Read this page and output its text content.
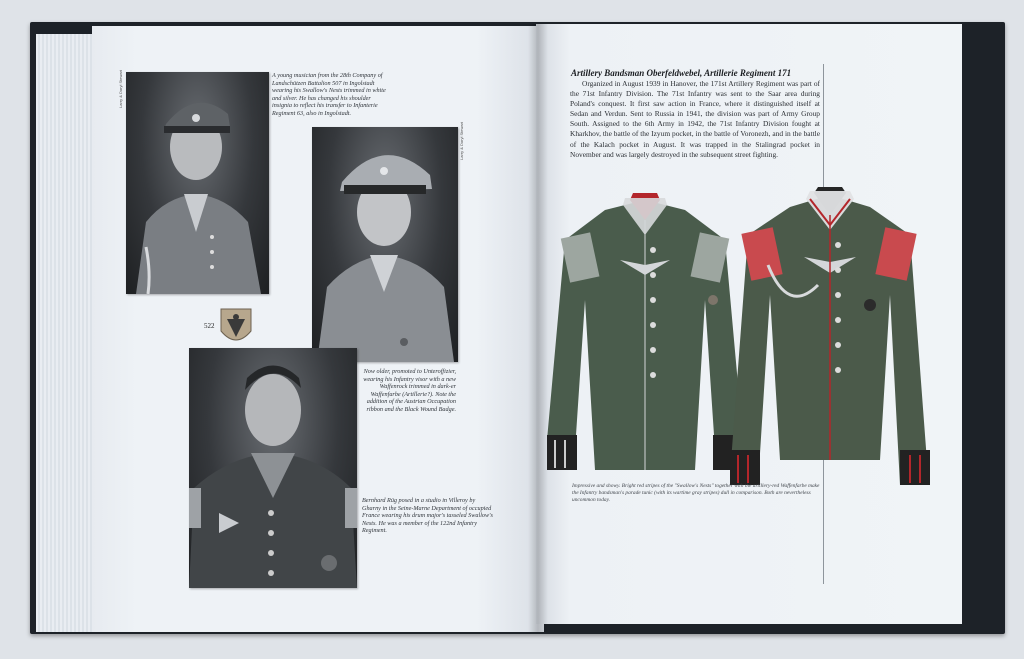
Larry & Daryl Stewart
Larry & Daryl Stewart
A young musician from the 28th Company of Landschützen Battalion 507 in Ingolstadt wearing his Swallow's Nests trimmed in white and silver. He has changed his shoulder insignia to reflect his transfer to Infanterie Regiment 63, also in Ingolstadt.
522
Now older, promoted to Unteroffizier, wearing his Infantry visor with a new Waffenrock trimmed in dark-er Waffenfarbe (Artillerie?). Note the addition of the Austrian Occupation ribbon and the Black Wound Badge.
Bernhard Rüg posed in a studio in Villeroy by Gharny in the Seine-Marne Department of occupied France wearing his drum major's tasseled Swallow's Nests. He was a member of the 122nd Infantry Regiment.
Artillery Bandsman Oberfeldwebel, Artillerie Regiment 171
Organized in August 1939 in Hanover, the 171st Artillery Regiment was part of the 71st Infantry Division. The 71st Infantry was sent to the Saar area during Poland's conquest. It first saw action in France, where it distinguished itself at Sedan and Verdun. Sent to Russia in 1941, the division was part of Army Group South. Assigned to the 6th Army in 1942, the 71st Infantry Division fought at Kharkhov, the battle of the Izyum pocket, in the battle of Voronezh, and in the battle of the Kalach pocket in August. It was trapped in the Stalingrad pocket in November and was largely destroyed in the subsequent street fighting.
Impressive and showy. Bright red stripes of the "Swallow's Nests" together with the artillery-red Waffenfarbe make the Infantry bandsman's parade tunic (with its wartime gray stripes) dull in comparison. Both are nevertheless uncommon today.
